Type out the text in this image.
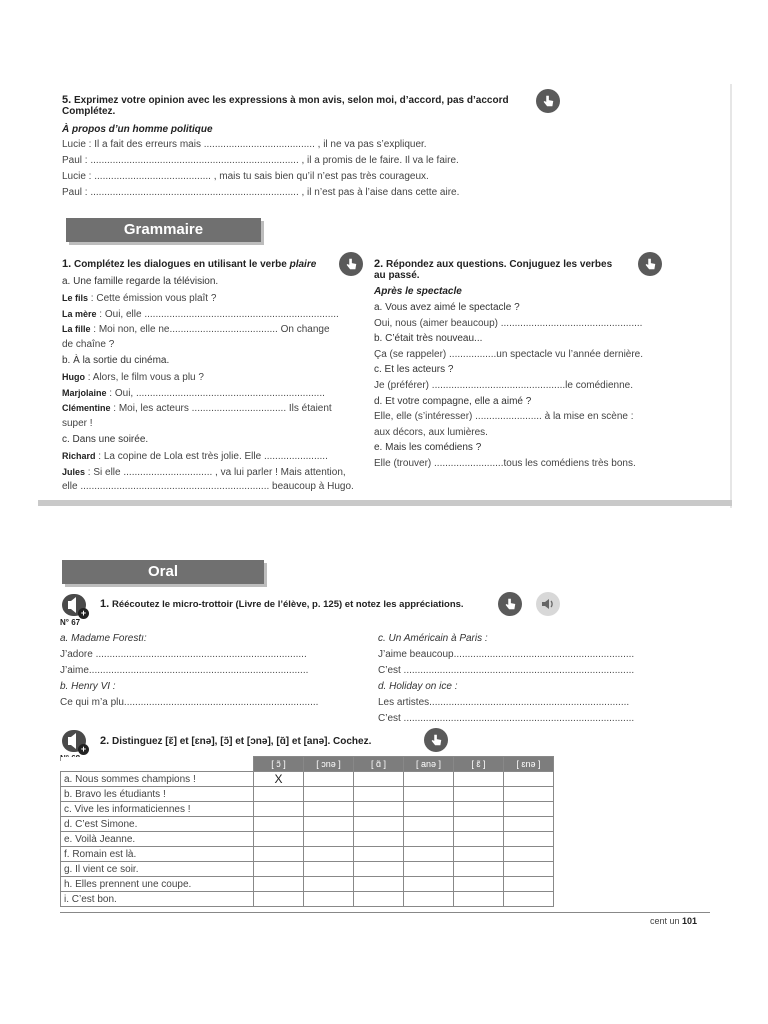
5. Exprimez votre opinion avec les expressions à mon avis, selon moi, d’accord, pas d’accord
Complétez.
À propos d’un homme politique
Lucie : Il a fait des erreurs mais ........................................ , il ne va pas s’expliquer.
Paul : ........................................................................... , il a promis de le faire. Il va le faire.
Lucie : .......................................... , mais tu sais bien qu’il n’est pas très courageux.
Paul : ........................................................................... , il n’est pas à l’aise dans cette aire.
Grammaire
1. Complétez les dialogues en utilisant le verbe plaire
a. Une famille regarde la télévision.
Le fils : Cette émission vous plaît ?
La mère : Oui, elle ......................................................................
La fille : Moi non, elle ne....................................... On change
de chaîne ?
b. À la sortie du cinéma.
Hugo : Alors, le film vous a plu ?
Marjolaine : Oui, ....................................................................
Clémentine : Moi, les acteurs .................................. Ils étaient
super !
c. Dans une soirée.
Richard : La copine de Lola est très jolie. Elle .......................
Jules : Si elle ................................ , va lui parler ! Mais attention,
elle .................................................................... beaucoup à Hugo.
2. Répondez aux questions. Conjuguez les verbes
au passé.
Après le spectacle
a. Vous avez aimé le spectacle ?
Oui, nous (aimer beaucoup) ...................................................
b. C’était très nouveau...
Ça (se rappeler) .................un spectacle vu l’année dernière.
c. Et les acteurs ?
Je (préférer) ................................................le comédienne.
d. Et votre compagne, elle a aimé ?
Elle, elle (s’intéresser) ........................ à la mise en scène :
aux décors, aux lumières.
e. Mais les comédiens ?
Elle (trouver) .........................tous les comédiens très bons.
Oral
+
N° 67
1. Réécoutez le micro-trottoir (Livre de l’élève, p. 125) et notez les appréciations.
a. Madame Forestı:
J’adore ............................................................................
J’aime...............................................................................
b. Henry VI :
Ce qui m’a plu......................................................................
c. Un Américain à Paris :
J’aime beaucoup.................................................................
C’est ...................................................................................
d. Holiday on ice :
Les artistes........................................................................
C’est ...................................................................................
+
2. Distinguez [ɛ̃] et [ɛnə], [ɔ̃] et [ɔnə], [ɑ̃] et [anə]. Cochez.
	[ ɔ̃ ]	[ ɔnə ]	[ ɑ̃ ]	[ anə ]	[ ɛ̃ ]	[ ɛnə ]
a. Nous sommes champions !	X					
b. Bravo les étudiants !						
c. Vive les informaticiennes !						
d. C’est Simone.						
e. Voilà Jeanne.						
f. Romain est là.						
g. Il vient ce soir.						
h. Elles prennent une coupe.						
i. C’est bon.						
cent un 101
